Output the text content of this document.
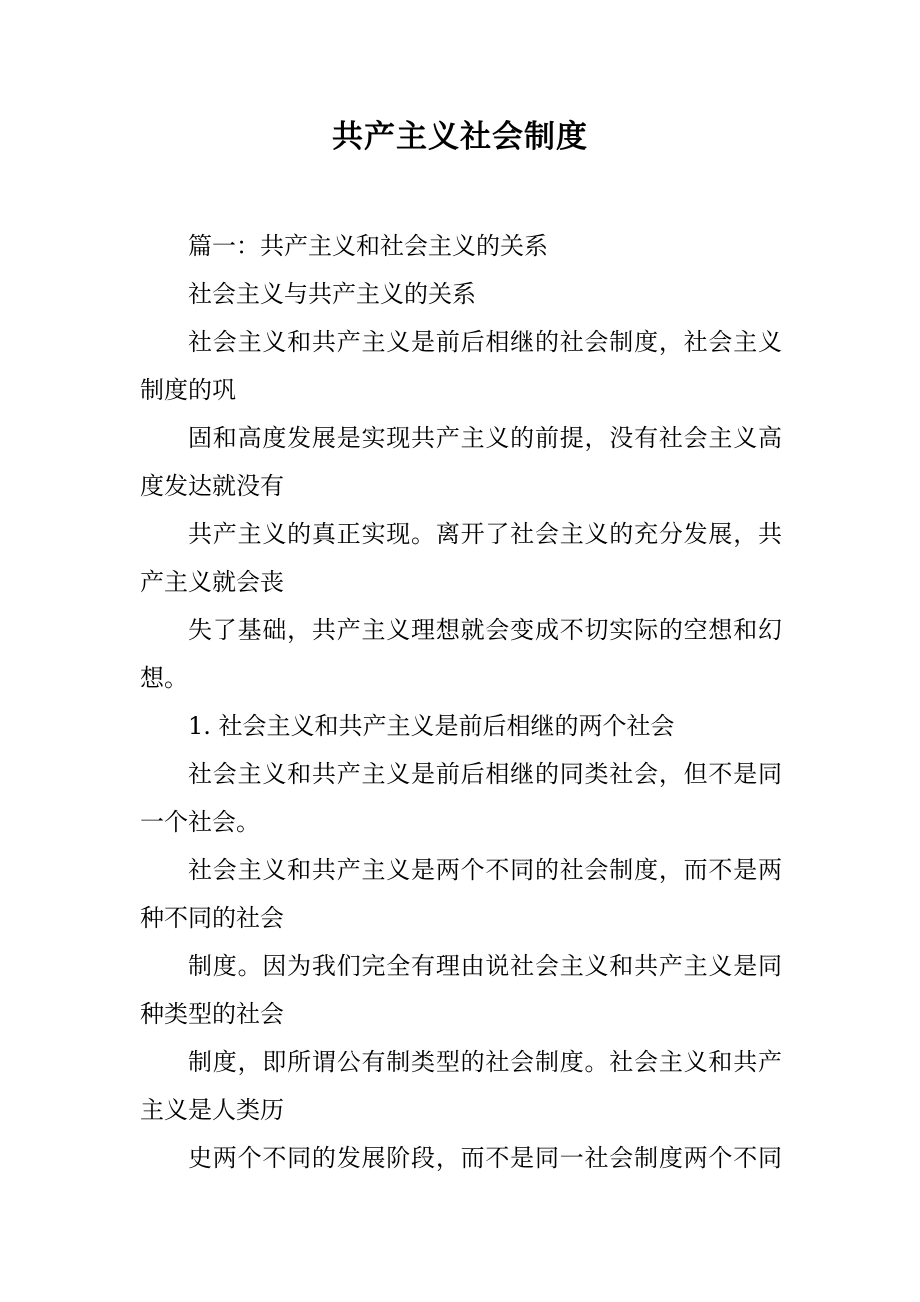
共产主义社会制度
篇一：共产主义和社会主义的关系
社会主义与共产主义的关系
社会主义和共产主义是前后相继的社会制度，社会主义
制度的巩
固和高度发展是实现共产主义的前提，没有社会主义高
度发达就没有
共产主义的真正实现。离开了社会主义的充分发展，共
产主义就会丧
失了基础，共产主义理想就会变成不切实际的空想和幻
想。
1. 社会主义和共产主义是前后相继的两个社会
社会主义和共产主义是前后相继的同类社会，但不是同
一个社会。
社会主义和共产主义是两个不同的社会制度，而不是两
种不同的社会
制度。因为我们完全有理由说社会主义和共产主义是同
种类型的社会
制度，即所谓公有制类型的社会制度。社会主义和共产
主义是人类历
史两个不同的发展阶段，而不是同一社会制度两个不同
